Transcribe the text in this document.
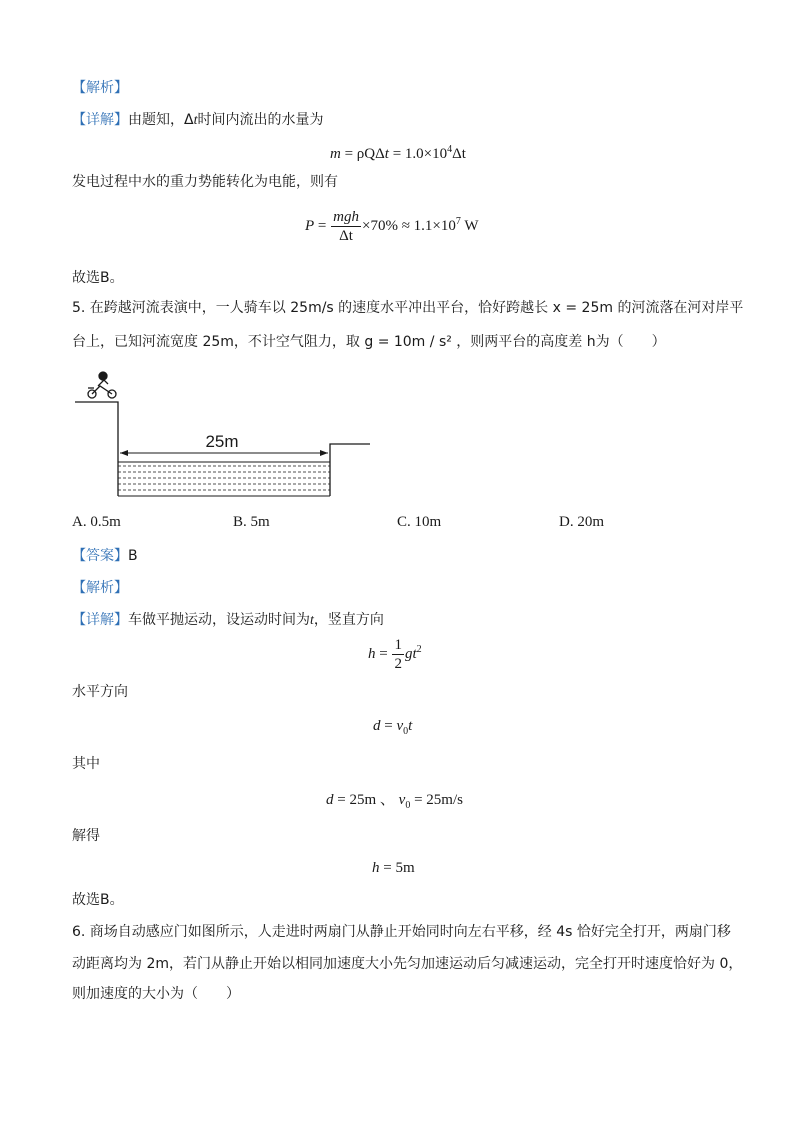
【解析】
【详解】由题知，Δt时间内流出的水量为
$m = \rho Q\Delta t = 1.0\times 10^4\Delta t$
发电过程中水的重力势能转化为电能，则有
$P = \frac{\text{mgh}}{\Delta t} \times 70\% \approx 1.1\times 10^7$ W
故选B。
5. 在跨越河流表演中，一人骑车以 25m/s 的速度水平冲出平台，恰好跨越长 x = 25m 的河流落在河对岸平
台上，已知河流宽度 25m，不计空气阻力，取 g = 10m / s² ，则两平台的高度差 h为（　　）
25m
A. 0.5m	B. 5m	C. 10m	D. 20m
【答案】B
【解析】
【详解】车做平抛运动，设运动时间为t，竖直方向
$h = \frac{1}{2} gt^2$
水平方向
$d = v_0t$
其中
d = 25m 、 $v_0 = 25m/s$
解得
h = 5m
故选B。
6. 商场自动感应门如图所示，人走进时两扇门从静止开始同时向左右平移，经 4s 恰好完全打开，两扇门移
动距离均为 2m，若门从静止开始以相同加速度大小先匀加速运动后匀减速运动，完全打开时速度恰好为 0，
则加速度的大小为（　　）
